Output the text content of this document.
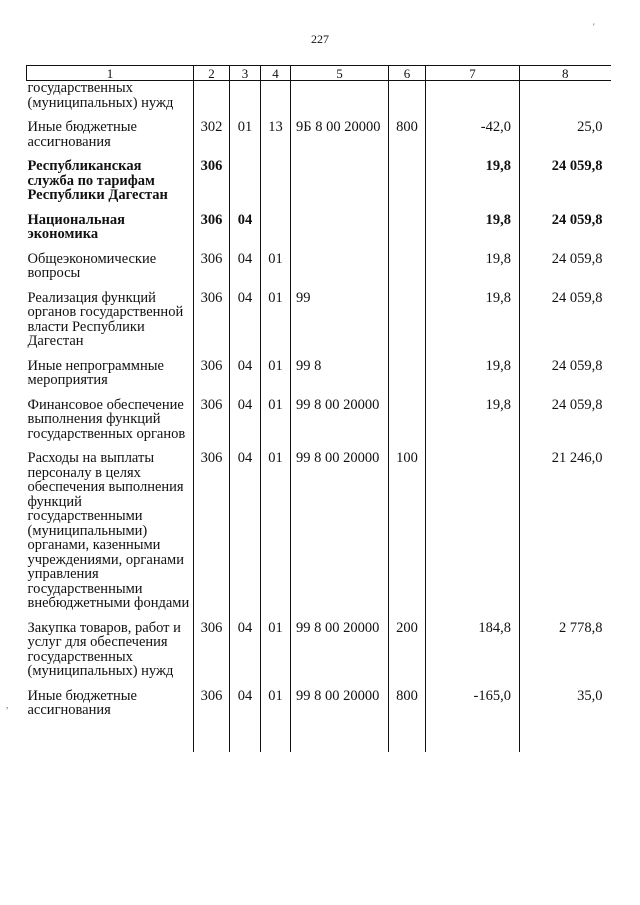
227
1	2	3	4	5	6	7	8
государственных (муниципальных) нужд							

Иные бюджетные ассигнования	302	01	13	9Б 8 00 20000	800	-42,0	25,0

Республиканская служба по тарифам Республики Дагестан	306					19,8	24 059,8

Национальная экономика	306	04				19,8	24 059,8

Общеэкономические вопросы	306	04	01			19,8	24 059,8

Реализация функций органов государственной власти Республики Дагестан	306	04	01	99		19,8	24 059,8

Иные непрограммные мероприятия	306	04	01	99 8		19,8	24 059,8

Финансовое обеспечение выполнения функций государственных органов	306	04	01	99 8 00 20000		19,8	24 059,8

Расходы на выплаты персоналу в целях обеспечения выполнения функций государственными (муниципальными) органами, казенными учреждениями, органами управления государственными внебюджетными фондами	306	04	01	99 8 00 20000	100		21 246,0

Закупка товаров, работ и услуг для обеспечения государственных (муниципальных) нужд	306	04	01	99 8 00 20000	200	184,8	2 778,8

Иные бюджетные ассигнования	306	04	01	99 8 00 20000	800	-165,0	35,0

'
,
